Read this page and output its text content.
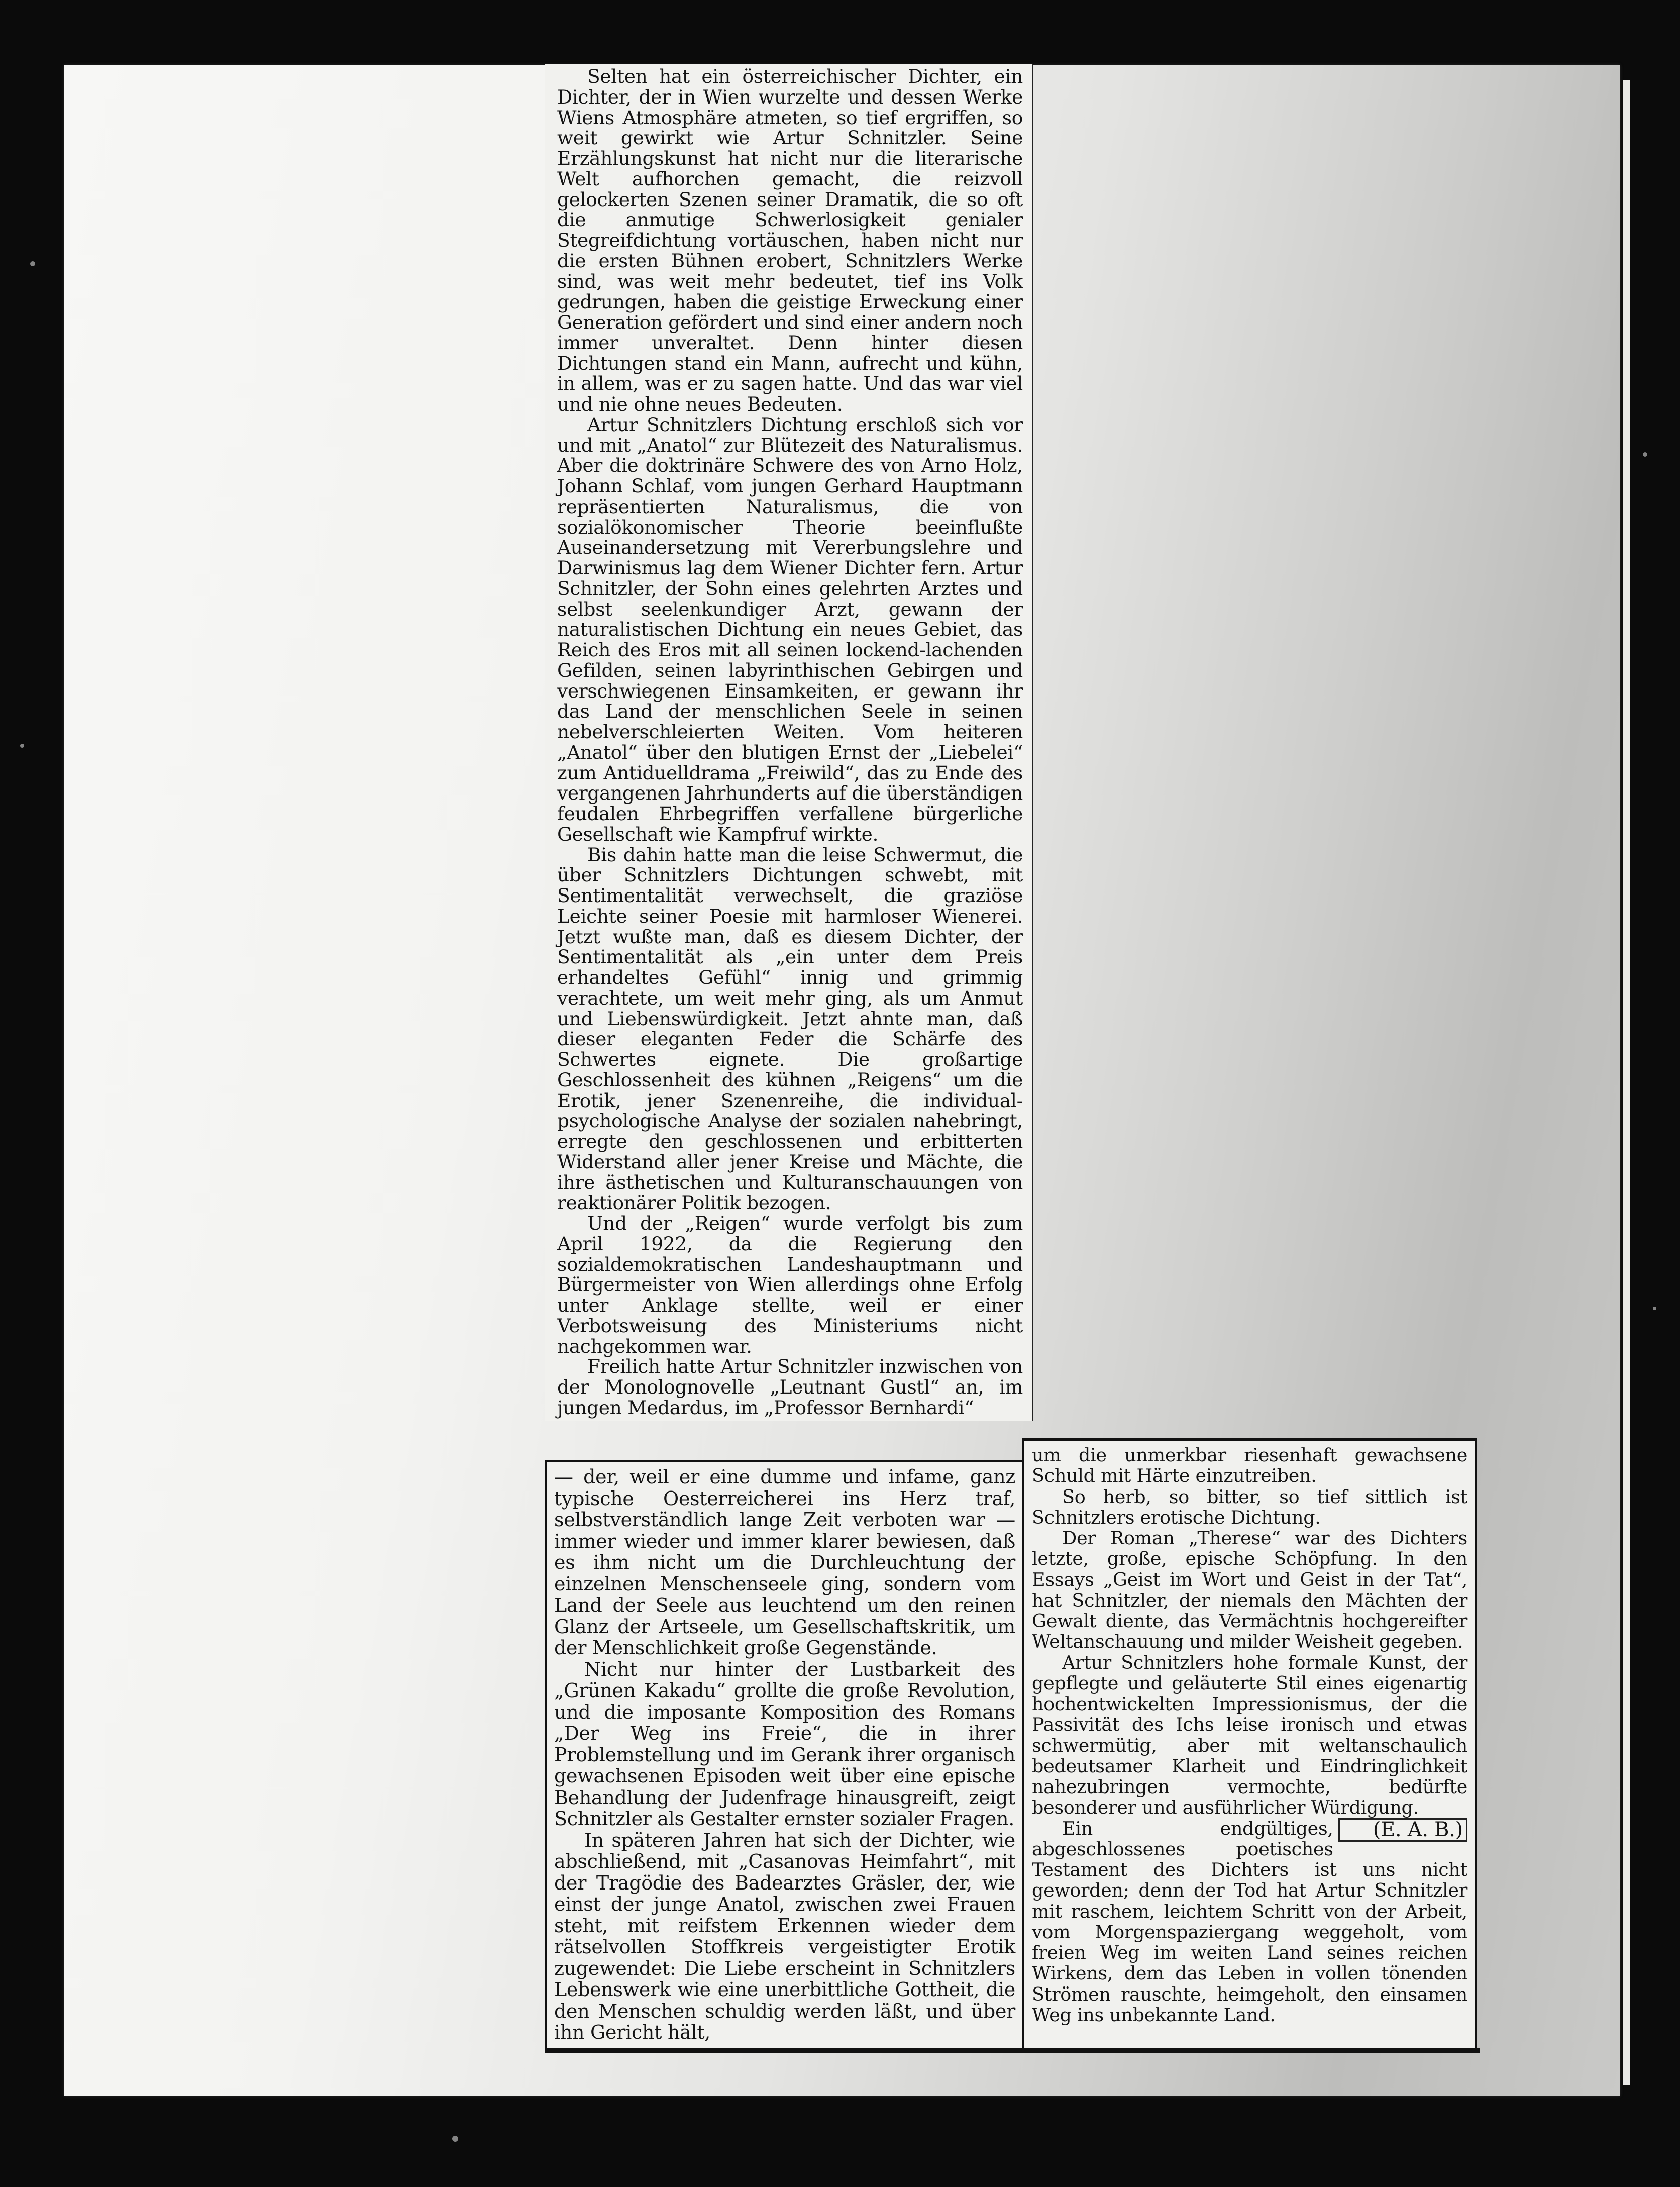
Selten hat ein österreichischer Dichter, ein Dichter, der in Wien wurzelte und dessen Werke Wiens Atmosphäre atmeten, so tief ergriffen, so weit gewirkt wie Artur Schnitzler. Seine Erzählungskunst hat nicht nur die literarische Welt aufhorchen gemacht, die reizvoll gelockerten Szenen seiner Dramatik, die so oft die anmutige Schwerlosigkeit genialer Stegreifdichtung vortäuschen, haben nicht nur die ersten Bühnen erobert, Schnitzlers Werke sind, was weit mehr bedeutet, tief ins Volk gedrungen, haben die geistige Erweckung einer Generation gefördert und sind einer andern noch immer unveraltet. Denn hinter diesen Dichtungen stand ein Mann, aufrecht und kühn, in allem, was er zu sagen hatte. Und das war viel und nie ohne neues Bedeuten.

Artur Schnitzlers Dichtung erschloß sich vor und mit „Anatol“ zur Blütezeit des Naturalismus. Aber die doktrinäre Schwere des von Arno Holz, Johann Schlaf, vom jungen Gerhard Hauptmann repräsentierten Naturalismus, die von sozialökonomischer Theorie beeinflußte Auseinandersetzung mit Vererbungslehre und Darwinismus lag dem Wiener Dichter fern. Artur Schnitzler, der Sohn eines gelehrten Arztes und selbst seelenkundiger Arzt, gewann der naturalistischen Dichtung ein neues Gebiet, das Reich des Eros mit all seinen lockend-lachenden Gefilden, seinen labyrinthischen Gebirgen und verschwiegenen Einsamkeiten, er gewann ihr das Land der menschlichen Seele in seinen nebelverschleierten Weiten. Vom heiteren „Anatol“ über den blutigen Ernst der „Liebelei“ zum Antiduelldrama „Freiwild“, das zu Ende des vergangenen Jahrhunderts auf die überständigen feudalen Ehrbegriffen verfallene bürgerliche Gesellschaft wie Kampfruf wirkte.

Bis dahin hatte man die leise Schwermut, die über Schnitzlers Dichtungen schwebt, mit Sentimentalität verwechselt, die graziöse Leichte seiner Poesie mit harmloser Wienerei. Jetzt wußte man, daß es diesem Dichter, der Sentimentalität als „ein unter dem Preis erhandeltes Gefühl“ innig und grimmig verachtete, um weit mehr ging, als um Anmut und Liebenswürdigkeit. Jetzt ahnte man, daß dieser eleganten Feder die Schärfe des Schwertes eignete. Die großartige Geschlossenheit des kühnen „Reigens“ um die Erotik, jener Szenenreihe, die individual-psychologische Analyse der sozialen nahebringt, erregte den geschlossenen und erbitterten Widerstand aller jener Kreise und Mächte, die ihre ästhetischen und Kulturanschauungen von reaktionärer Politik bezogen.

Und der „Reigen“ wurde verfolgt bis zum April 1922, da die Regierung den sozialdemokratischen Landeshauptmann und Bürgermeister von Wien allerdings ohne Erfolg unter Anklage stellte, weil er einer Verbotsweisung des Ministeriums nicht nachgekommen war.

Freilich hatte Artur Schnitzler inzwischen von der Monolognovelle „Leutnant Gustl“ an, im jungen Medardus, im „Professor Bernhardi“

— der, weil er eine dumme und infame, ganz typische Oesterreicherei ins Herz traf, selbstverständlich lange Zeit verboten war — immer wieder und immer klarer bewiesen, daß es ihm nicht um die Durchleuchtung der einzelnen Menschenseele ging, sondern vom Land der Seele aus leuchtend um den reinen Glanz der Artseele, um Gesellschaftskritik, um der Menschlichkeit große Gegenstände.

Nicht nur hinter der Lustbarkeit des „Grünen Kakadu“ grollte die große Revolution, und die imposante Komposition des Romans „Der Weg ins Freie“, die in ihrer Problemstellung und im Gerank ihrer organisch gewachsenen Episoden weit über eine epische Behandlung der Judenfrage hinausgreift, zeigt Schnitzler als Gestalter ernster sozialer Fragen.

In späteren Jahren hat sich der Dichter, wie abschließend, mit „Casanovas Heimfahrt“, mit der Tragödie des Badearztes Gräsler, der, wie einst der junge Anatol, zwischen zwei Frauen steht, mit reifstem Erkennen wieder dem rätselvollen Stoffkreis vergeistigter Erotik zugewendet: Die Liebe erscheint in Schnitzlers Lebenswerk wie eine unerbittliche Gottheit, die den Menschen schuldig werden läßt, und über ihn Gericht hält,

um die unmerkbar riesenhaft gewachsene Schuld mit Härte einzutreiben.

So herb, so bitter, so tief sittlich ist Schnitzlers erotische Dichtung.

Der Roman „Therese“ war des Dichters letzte, große, epische Schöpfung. In den Essays „Geist im Wort und Geist in der Tat“, hat Schnitzler, der niemals den Mächten der Gewalt diente, das Vermächtnis hochgereifter Weltanschauung und milder Weisheit gegeben.

Artur Schnitzlers hohe formale Kunst, der gepflegte und geläuterte Stil eines eigenartig hochentwickelten Impressionismus, der die Passivität des Ichs leise ironisch und etwas schwermütig, aber mit weltanschaulich bedeutsamer Klarheit und Eindringlichkeit nahezubringen vermochte, bedürfte besonderer und ausführlicher Würdigung.

(E. A. B.)
Ein endgültiges, abgeschlossenes poetisches Testament des Dichters ist uns nicht geworden; denn der Tod hat Artur Schnitzler mit raschem, leichtem Schritt von der Arbeit, vom Morgenspaziergang weggeholt, vom freien Weg im weiten Land seines reichen Wirkens, dem das Leben in vollen tönenden Strömen rauschte, heimgeholt, den einsamen Weg ins unbekannte Land.
